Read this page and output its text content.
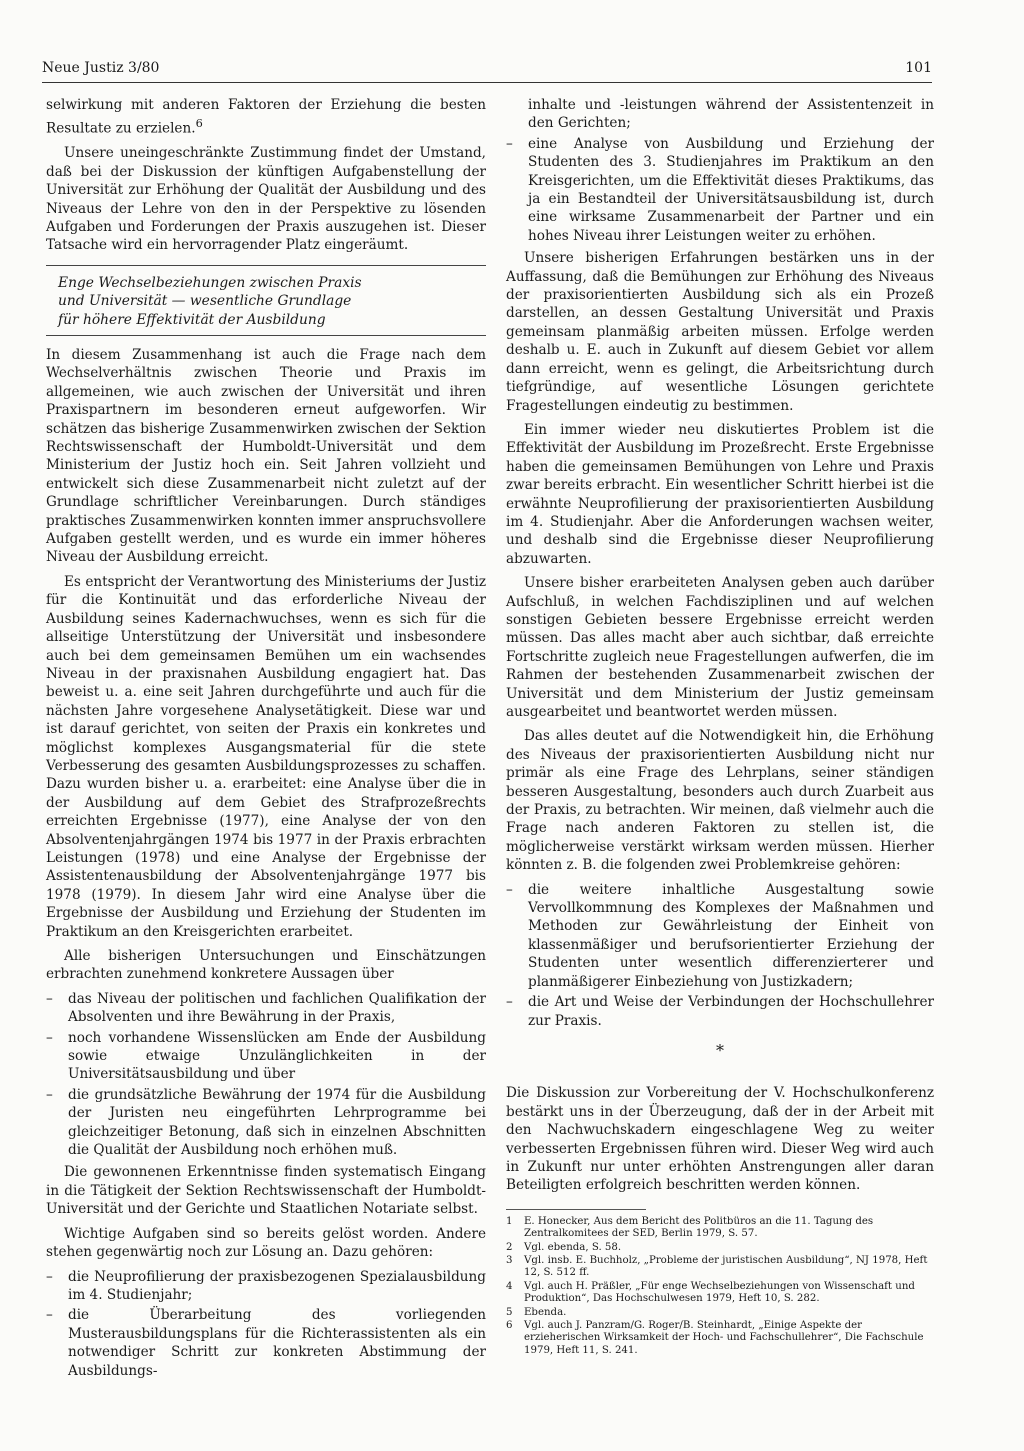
Neue Justiz 3/80	101

selwirkung mit anderen Faktoren der Erziehung die besten Resultate zu erzielen.$^6$

Unsere uneingeschränkte Zustimmung findet der Umstand, daß bei der Diskussion der künftigen Aufgabenstellung der Universität zur Erhöhung der Qualität der Ausbildung und des Niveaus der Lehre von den in der Perspektive zu lösenden Aufgaben und Forderungen der Praxis auszugehen ist. Dieser Tatsache wird ein hervorragender Platz eingeräumt.

Enge Wechselbeziehungen zwischen Praxis
und Universität — wesentliche Grundlage
für höhere Effektivität der Ausbildung

In diesem Zusammenhang ist auch die Frage nach dem Wechselverhältnis zwischen Theorie und Praxis im allgemeinen, wie auch zwischen der Universität und ihren Praxispartnern im besonderen erneut aufgeworfen. Wir schätzen das bisherige Zusammenwirken zwischen der Sektion Rechtswissenschaft der Humboldt-Universität und dem Ministerium der Justiz hoch ein. Seit Jahren vollzieht und entwickelt sich diese Zusammenarbeit nicht zuletzt auf der Grundlage schriftlicher Vereinbarungen. Durch ständiges praktisches Zusammenwirken konnten immer anspruchsvollere Aufgaben gestellt werden, und es wurde ein immer höheres Niveau der Ausbildung erreicht.

Es entspricht der Verantwortung des Ministeriums der Justiz für die Kontinuität und das erforderliche Niveau der Ausbildung seines Kadernachwuchses, wenn es sich für die allseitige Unterstützung der Universität und insbesondere auch bei dem gemeinsamen Bemühen um ein wachsendes Niveau in der praxisnahen Ausbildung engagiert hat. Das beweist u. a. eine seit Jahren durchgeführte und auch für die nächsten Jahre vorgesehene Analysetätigkeit. Diese war und ist darauf gerichtet, von seiten der Praxis ein konkretes und möglichst komplexes Ausgangsmaterial für die stete Verbesserung des gesamten Ausbildungsprozesses zu schaffen. Dazu wurden bisher u. a. erarbeitet: eine Analyse über die in der Ausbildung auf dem Gebiet des Strafprozeßrechts erreichten Ergebnisse (1977), eine Analyse der von den Absolventenjahrgängen 1974 bis 1977 in der Praxis erbrachten Leistungen (1978) und eine Analyse der Ergebnisse der Assistentenausbildung der Absolventenjahrgänge 1977 bis 1978 (1979). In diesem Jahr wird eine Analyse über die Ergebnisse der Ausbildung und Erziehung der Studenten im Praktikum an den Kreisgerichten erarbeitet.

Alle bisherigen Untersuchungen und Einschätzungen erbrachten zunehmend konkretere Aussagen über

– das Niveau der politischen und fachlichen Qualifikation der Absolventen und ihre Bewährung in der Praxis,
– noch vorhandene Wissenslücken am Ende der Ausbildung sowie etwaige Unzulänglichkeiten in der Universitätsausbildung und über
– die grundsätzliche Bewährung der 1974 für die Ausbildung der Juristen neu eingeführten Lehrprogramme bei gleichzeitiger Betonung, daß sich in einzelnen Abschnitten die Qualität der Ausbildung noch erhöhen muß.

Die gewonnenen Erkenntnisse finden systematisch Eingang in die Tätigkeit der Sektion Rechtswissenschaft der Humboldt-Universität und der Gerichte und Staatlichen Notariate selbst.

Wichtige Aufgaben sind so bereits gelöst worden. Andere stehen gegenwärtig noch zur Lösung an. Dazu gehören:

– die Neuprofilierung der praxisbezogenen Spezialausbildung im 4. Studienjahr;
– die Überarbeitung des vorliegenden Musterausbildungsplans für die Richterassistenten als ein notwendiger Schritt zur konkreten Abstimmung der Ausbildungs-
inhalte und -leistungen während der Assistentenzeit in den Gerichten;
– eine Analyse von Ausbildung und Erziehung der Studenten des 3. Studienjahres im Praktikum an den Kreisgerichten, um die Effektivität dieses Praktikums, das ja ein Bestandteil der Universitätsausbildung ist, durch eine wirksame Zusammenarbeit der Partner und ein hohes Niveau ihrer Leistungen weiter zu erhöhen.

Unsere bisherigen Erfahrungen bestärken uns in der Auffassung, daß die Bemühungen zur Erhöhung des Niveaus der praxisorientierten Ausbildung sich als ein Prozeß darstellen, an dessen Gestaltung Universität und Praxis gemeinsam planmäßig arbeiten müssen. Erfolge werden deshalb u. E. auch in Zukunft auf diesem Gebiet vor allem dann erreicht, wenn es gelingt, die Arbeitsrichtung durch tiefgründige, auf wesentliche Lösungen gerichtete Fragestellungen eindeutig zu bestimmen.

Ein immer wieder neu diskutiertes Problem ist die Effektivität der Ausbildung im Prozeßrecht. Erste Ergebnisse haben die gemeinsamen Bemühungen von Lehre und Praxis zwar bereits erbracht. Ein wesentlicher Schritt hierbei ist die erwähnte Neuprofilierung der praxisorientierten Ausbildung im 4. Studienjahr. Aber die Anforderungen wachsen weiter, und deshalb sind die Ergebnisse dieser Neuprofilierung abzuwarten.

Unsere bisher erarbeiteten Analysen geben auch darüber Aufschluß, in welchen Fachdisziplinen und auf welchen sonstigen Gebieten bessere Ergebnisse erreicht werden müssen. Das alles macht aber auch sichtbar, daß erreichte Fortschritte zugleich neue Fragestellungen aufwerfen, die im Rahmen der bestehenden Zusammenarbeit zwischen der Universität und dem Ministerium der Justiz gemeinsam ausgearbeitet und beantwortet werden müssen.

Das alles deutet auf die Notwendigkeit hin, die Erhöhung des Niveaus der praxisorientierten Ausbildung nicht nur primär als eine Frage des Lehrplans, seiner ständigen besseren Ausgestaltung, besonders auch durch Zuarbeit aus der Praxis, zu betrachten. Wir meinen, daß vielmehr auch die Frage nach anderen Faktoren zu stellen ist, die möglicherweise verstärkt wirksam werden müssen. Hierher könnten z. B. die folgenden zwei Problemkreise gehören:

– die weitere inhaltliche Ausgestaltung sowie Vervollkommnung des Komplexes der Maßnahmen und Methoden zur Gewährleistung der Einheit von klassenmäßiger und berufsorientierter Erziehung der Studenten unter wesentlich differenzierterer und planmäßigerer Einbeziehung von Justizkadern;
– die Art und Weise der Verbindungen der Hochschullehrer zur Praxis.
*

Die Diskussion zur Vorbereitung der V. Hochschulkonferenz bestärkt uns in der Überzeugung, daß der in der Arbeit mit den Nachwuchskadern eingeschlagene Weg zu weiter verbesserten Ergebnissen führen wird. Dieser Weg wird auch in Zukunft nur unter erhöhten Anstrengungen aller daran Beteiligten erfolgreich beschritten werden können.

1 E. Honecker, Aus dem Bericht des Politbüros an die 11. Tagung des Zentralkomitees der SED, Berlin 1979, S. 57.
2 Vgl. ebenda, S. 58.
3 Vgl. insb. E. Buchholz, „Probleme der juristischen Ausbildung“, NJ 1978, Heft 12, S. 512 ff.
4 Vgl. auch H. Präßler, „Für enge Wechselbeziehungen von Wissenschaft und Produktion“, Das Hochschulwesen 1979, Heft 10, S. 282.
5 Ebenda.
6 Vgl. auch J. Panzram/G. Roger/B. Steinhardt, „Einige Aspekte der erzieherischen Wirksamkeit der Hoch- und Fachschullehrer“, Die Fachschule 1979, Heft 11, S. 241.
